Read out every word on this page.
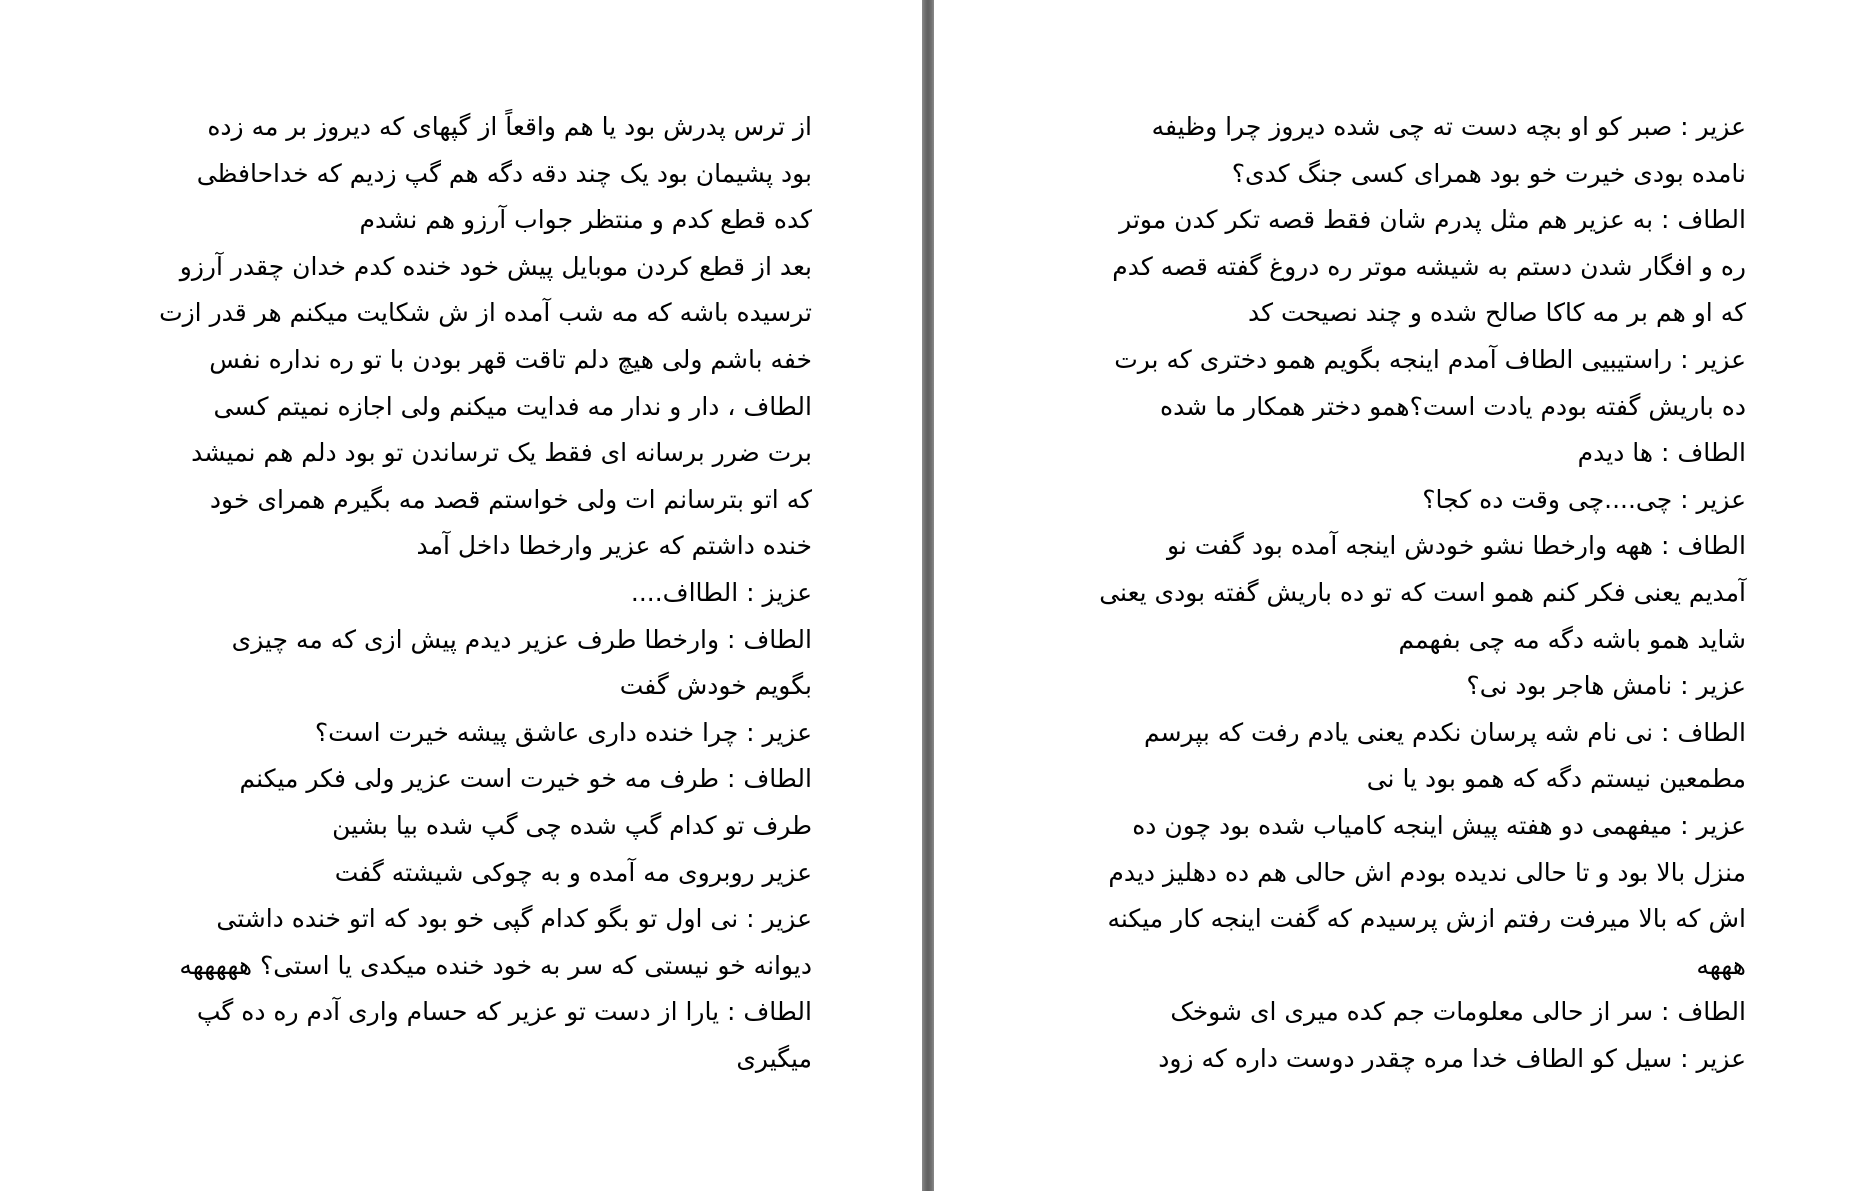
از ترس پدرش بود یا هم واقعاً از گپهای که دیروز بر مه زده
بود پشیمان بود یک چند دقه دگه هم گپ زدیم که خداحافظی
کده قطع کدم و منتظر جواب آرزو هم نشدم
بعد از قطع کردن موبایل پیش خود خنده کدم خدان چقدر آرزو
ترسیده باشه که مه شب آمده از ش شکایت میکنم هر قدر ازت
خفه باشم ولی هیچ دلم تاقت قهر بودن با تو ره نداره نفس
الطاف ، دار و ندار مه فدایت میکنم ولی اجازه نمیتم کسی
برت ضرر برسانه ای فقط یک ترساندن تو بود دلم هم نمیشد
که اتو بترسانم ات ولی خواستم قصد مه بگیرم همرای خود
خنده داشتم که عزیر وارخطا داخل آمد
عزیز : الطااف....
الطاف : وارخطا طرف عزیر دیدم پیش ازی که مه چیزی
بگویم خودش گفت
عزیر : چرا خنده داری عاشق پیشه خیرت است؟
الطاف : طرف مه خو خیرت است عزیر ولی فکر میکنم
طرف تو کدام گپ شده چی گپ شده بیا بشین
عزیر روبروی مه آمده و به چوکی شیشته گفت
عزیر : نی اول تو بگو کدام گپی خو بود که اتو خنده داشتی
دیوانه خو نیستی که سر به خود خنده میکدی یا استی؟ هههههه
الطاف : یارا از دست تو عزیر که حسام واری آدم ره ده گپ
میگیری
عزیر : صبر کو او بچه دست ته چی شده دیروز چرا وظیفه
نامده بودی خیرت خو بود همرای کسی جنگ کدی؟
الطاف : به عزیر هم مثل پدرم شان فقط قصه تکر کدن موتر
ره و افگار شدن دستم به شیشه موتر ره دروغ گفته قصه کدم
که او هم بر مه کاکا صالح شده و چند نصیحت کد
عزیر : راستیبیی الطاف آمدم اینجه بگویم همو دختری که برت
ده باریش گفته بودم یادت است؟همو دختر همکار ما شده
الطاف : ها دیدم
عزیر : چی....چی وقت ده کجا؟
الطاف : ههه وارخطا نشو خودش اینجه آمده بود گفت نو
آمدیم یعنی فکر کنم همو است که تو ده باریش گفته بودی یعنی
شاید همو باشه دگه مه چی بفهمم
عزیر : نامش هاجر بود نی؟
الطاف : نی نام شه پرسان نکدم یعنی یادم رفت که بپرسم
مطمعین نیستم دگه که همو بود یا نی
عزیر : میفهمی دو هفته پیش اینجه کامیاب شده بود چون ده
منزل بالا بود و تا حالی ندیده بودم اش حالی هم ده دهلیز دیدم
اش که بالا میرفت رفتم ازش پرسیدم که گفت اینجه کار میکنه
هههه
الطاف : سر از حالی معلومات جم کده میری ای شوخک
عزیر : سیل کو الطاف خدا مره چقدر دوست داره که زود
